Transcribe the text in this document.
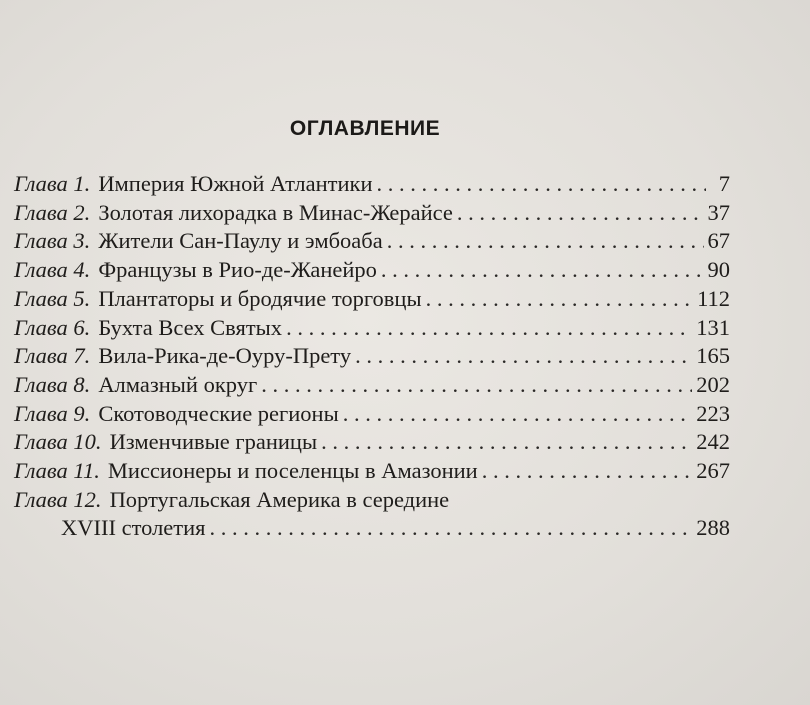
ОГЛАВЛЕНИЕ
Глава 1. Империя Южной Атлантики . . .	7
Глава 2. Золотая лихорадка в Минас-Жерайсе . . .	37
Глава 3. Жители Сан-Паулу и эмбоаба . . .	67
Глава 4. Французы в Рио-де-Жанейро . . .	90
Глава 5. Плантаторы и бродячие торговцы . . .	112
Глава 6. Бухта Всех Святых . . .	131
Глава 7. Вила-Рика-де-Оуру-Прету . . .	165
Глава 8. Алмазный округ . . .	202
Глава 9. Скотоводческие регионы . . .	223
Глава 10. Изменчивые границы . . .	242
Глава 11. Миссионеры и поселенцы в Амазонии . . .	267
Глава 12. Португальская Америка в середине
XVIII столетия . . .	288
